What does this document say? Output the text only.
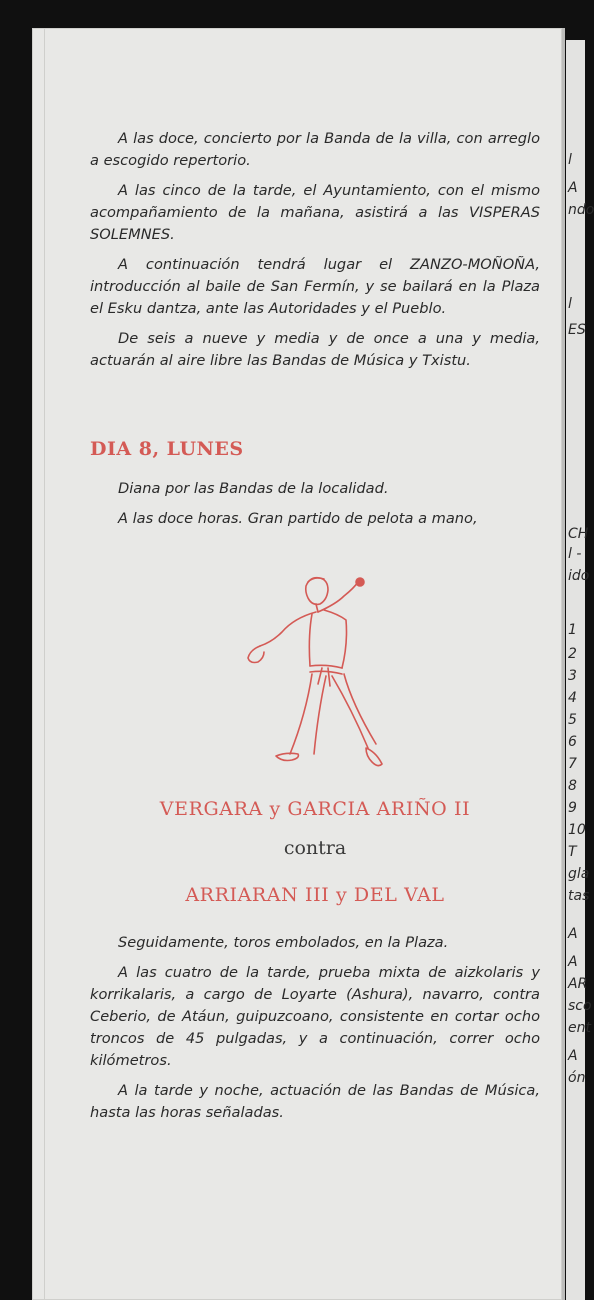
l
A
ndo
l
ES
CH
l -
ido
1
2
3
4
5
6
7
8
9
10
T
gla
tas
A
A
AR
sco
ent
A
ón

A las doce, concierto por la Banda de la villa, con arreglo a escogido repertorio.

A las cinco de la tarde, el Ayuntamiento, con el mismo acompañamiento de la mañana, asistirá a las VISPERAS SOLEMNES.

A continuación tendrá lugar el ZANZO-MOÑOÑA, introducción al baile de San Fermín, y se bailará en la Plaza el Esku dantza, ante las Autoridades y el Pueblo.

De seis a nueve y media y de once a una y media, actuarán al aire libre las Bandas de Música y Txistu.

DIA 8, LUNES

Diana por las Bandas de la localidad.

A las doce horas. Gran partido de pelota a mano,

VERGARA y GARCIA ARIÑO II
contra
ARRIARAN III y DEL VAL

Seguidamente, toros embolados, en la Plaza.

A las cuatro de la tarde, prueba mixta de aizkolaris y korrikalaris, a cargo de Loyarte (Ashura), navarro, contra Ceberio, de Atáun, guipuzcoano, consistente en cortar ocho troncos de 45 pulgadas, y a continuación, correr ocho kilómetros.

A la tarde y noche, actuación de las Bandas de Música, hasta las horas señaladas.
